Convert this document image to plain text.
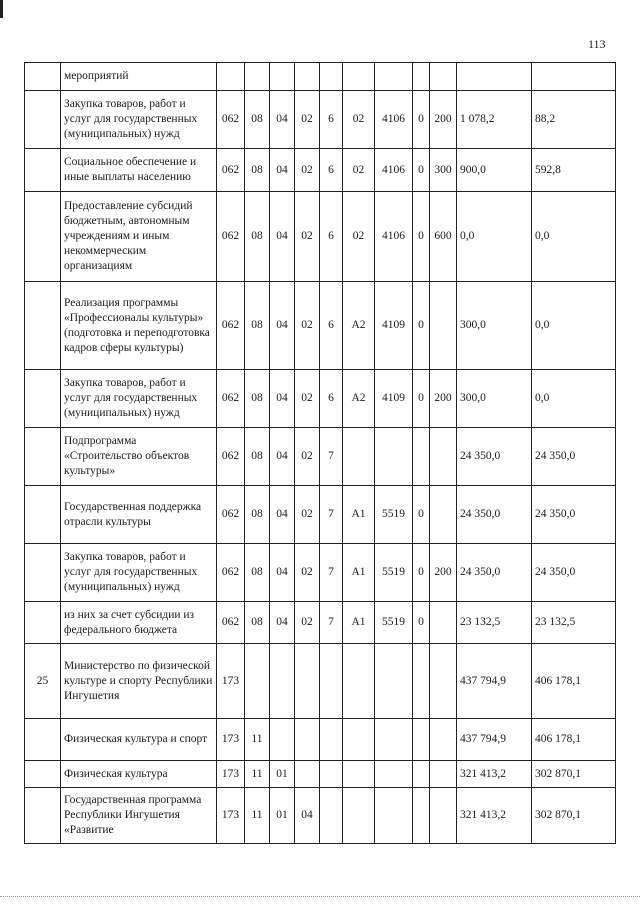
113
	мероприятий											
	Закупка товаров, работ и услуг для государственных (муниципальных) нужд	062	08	04	02	6	02	4106	0	200	1 078,2	88,2
	Социальное обеспечение и иные выплаты населению	062	08	04	02	6	02	4106	0	300	900,0	592,8
	Предоставление субсидий бюджетным, автономным учреждениям и иным некоммерческим организациям	062	08	04	02	6	02	4106	0	600	0,0	0,0
	Реализация программы «Профессионалы культуры» (подготовка и переподготовка кадров сферы культуры)	062	08	04	02	6	А2	4109	0		300,0	0,0
	Закупка товаров, работ и услуг для государственных (муниципальных) нужд	062	08	04	02	6	А2	4109	0	200	300,0	0,0
	Подпрограмма «Строительство объектов культуры»	062	08	04	02	7					24 350,0	24 350,0
	Государственная поддержка отрасли культуры	062	08	04	02	7	А1	5519	0		24 350,0	24 350,0
	Закупка товаров, работ и услуг для государственных (муниципальных) нужд	062	08	04	02	7	А1	5519	0	200	24 350,0	24 350,0
	из них за счет субсидии из федерального бюджета	062	08	04	02	7	А1	5519	0		23 132,5	23 132,5
25	Министерство по физической культуре и спорту Республики Ингушетия	173									437 794,9	406 178,1
	Физическая культура и спорт	173	11								437 794,9	406 178,1
	Физическая культура	173	11	01							321 413,2	302 870,1
	Государственная программа Республики Ингушетия «Развитие	173	11	01	04						321 413,2	302 870,1
